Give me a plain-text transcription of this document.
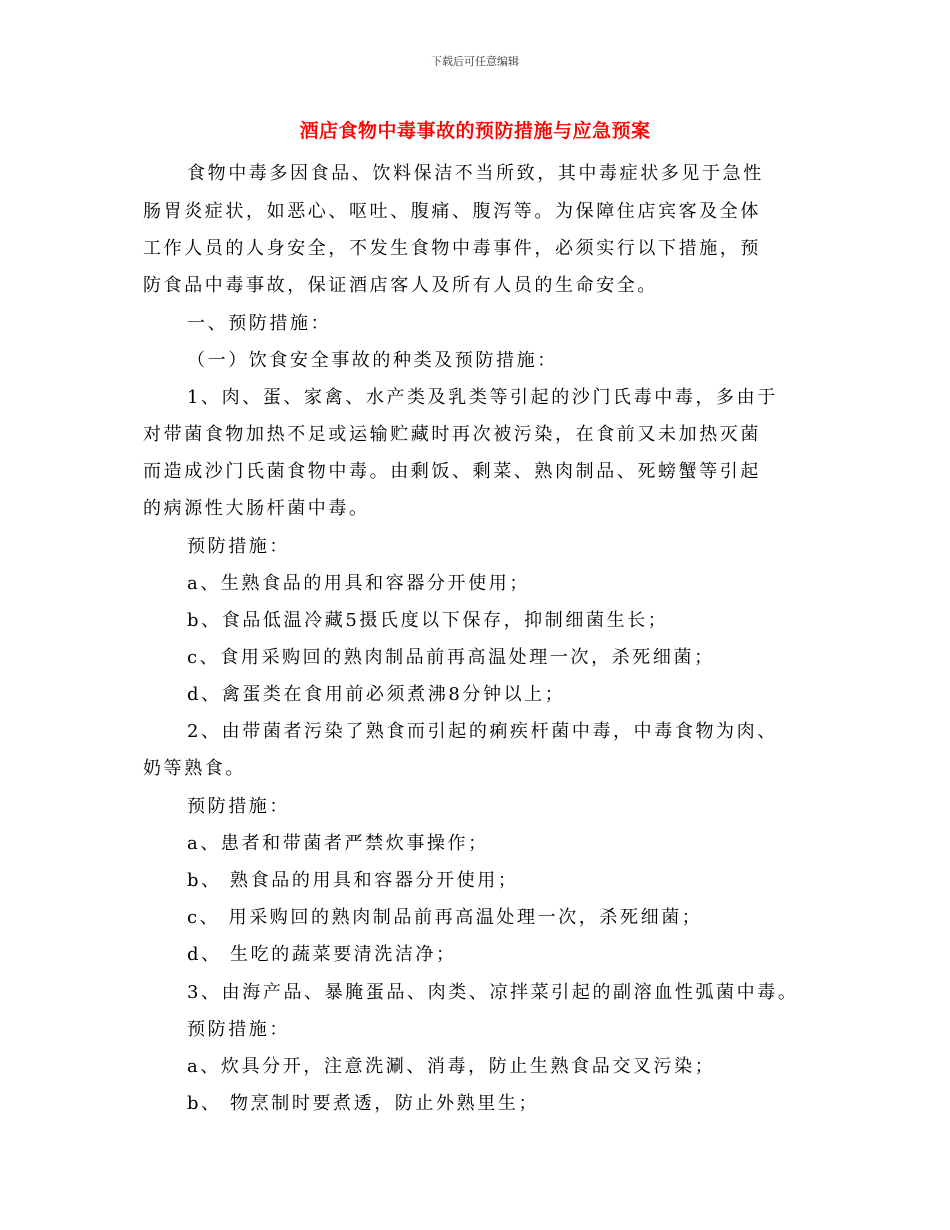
下载后可任意编辑
酒店食物中毒事故的预防措施与应急预案
食物中毒多因食品、饮料保洁不当所致，其中毒症状多见于急性
肠胃炎症状，如恶心、呕吐、腹痛、腹泻等。为保障住店宾客及全体
工作人员的人身安全，不发生食物中毒事件，必须实行以下措施，预
防食品中毒事故，保证酒店客人及所有人员的生命安全。
一、预防措施：
（一）饮食安全事故的种类及预防措施：
1、肉、蛋、家禽、水产类及乳类等引起的沙门氏毒中毒，多由于
对带菌食物加热不足或运输贮藏时再次被污染，在食前又未加热灭菌
而造成沙门氏菌食物中毒。由剩饭、剩菜、熟肉制品、死螃蟹等引起
的病源性大肠杆菌中毒。
预防措施：
a、生熟食品的用具和容器分开使用；
b、食品低温冷藏5摄氏度以下保存，抑制细菌生长；
c、食用采购回的熟肉制品前再高温处理一次，杀死细菌；
d、禽蛋类在食用前必须煮沸8分钟以上；
2、由带菌者污染了熟食而引起的痢疾杆菌中毒，中毒食物为肉、
奶等熟食。
预防措施：
a、患者和带菌者严禁炊事操作；
b、 熟食品的用具和容器分开使用；
c、 用采购回的熟肉制品前再高温处理一次，杀死细菌；
d、 生吃的蔬菜要清洗洁净；
3、由海产品、暴腌蛋品、肉类、凉拌菜引起的副溶血性弧菌中毒。
预防措施：
a、炊具分开，注意洗涮、消毒，防止生熟食品交叉污染；
b、 物烹制时要煮透，防止外熟里生；
